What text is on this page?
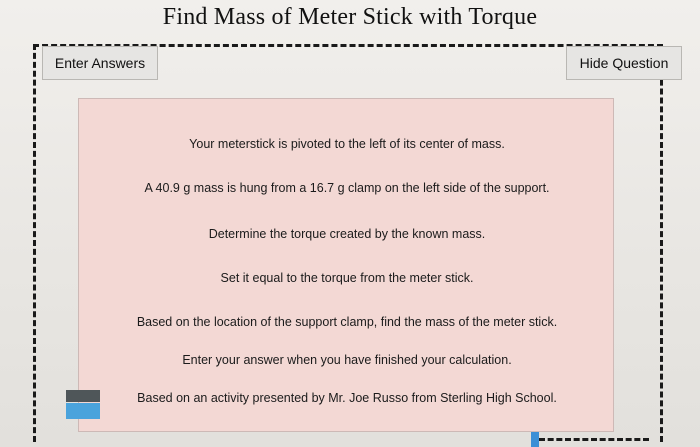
Find Mass of Meter Stick with Torque
Enter Answers	Hide Question
Your meterstick is pivoted to the left of its center of mass.
A 40.9 g mass is hung from a 16.7 g clamp on the left side of the support.
Determine the torque created by the known mass.
Set it equal to the torque from the meter stick.
Based on the location of the support clamp, find the mass of the meter stick.
Enter your answer when you have finished your calculation.
Based on an activity presented by Mr. Joe Russo from Sterling High School.
